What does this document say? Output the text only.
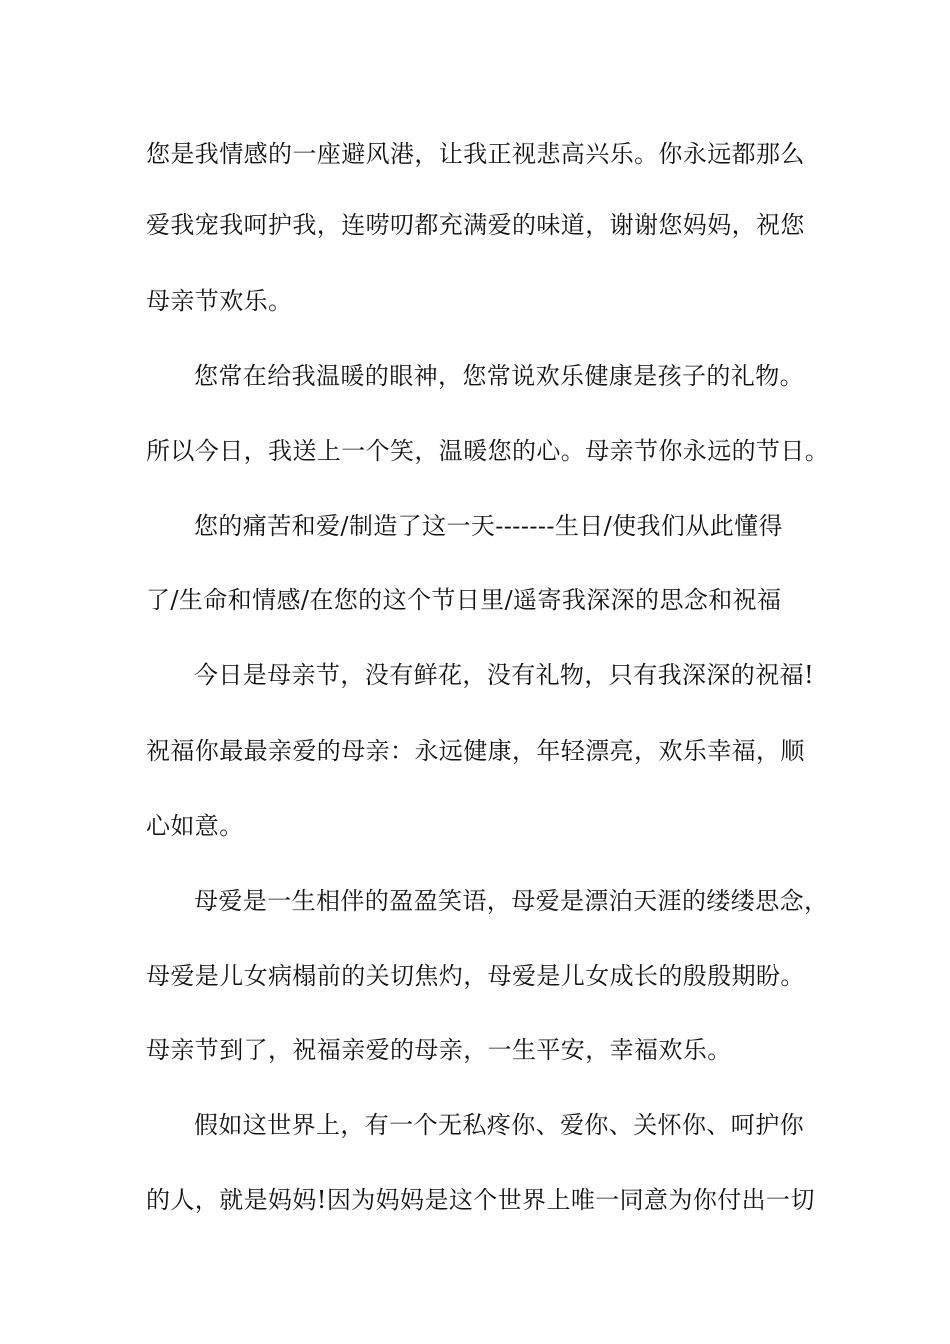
您是我情感的一座避风港，让我正视悲高兴乐。你永远都那么
爱我宠我呵护我，连唠叨都充满爱的味道，谢谢您妈妈，祝您
母亲节欢乐。
您常在给我温暖的眼神，您常说欢乐健康是孩子的礼物。
所以今日，我送上一个笑，温暖您的心。母亲节你永远的节日。
您的痛苦和爱/制造了这一天-------生日/使我们从此懂得
了/生命和情感/在您的这个节日里/遥寄我深深的思念和祝福
今日是母亲节，没有鲜花，没有礼物，只有我深深的祝福!
祝福你最最亲爱的母亲：永远健康，年轻漂亮，欢乐幸福，顺
心如意。
母爱是一生相伴的盈盈笑语，母爱是漂泊天涯的缕缕思念，
母爱是儿女病榻前的关切焦灼，母爱是儿女成长的殷殷期盼。
母亲节到了，祝福亲爱的母亲，一生平安，幸福欢乐。
假如这世界上，有一个无私疼你、爱你、关怀你、呵护你
的人，就是妈妈!因为妈妈是这个世界上唯一同意为你付出一切
